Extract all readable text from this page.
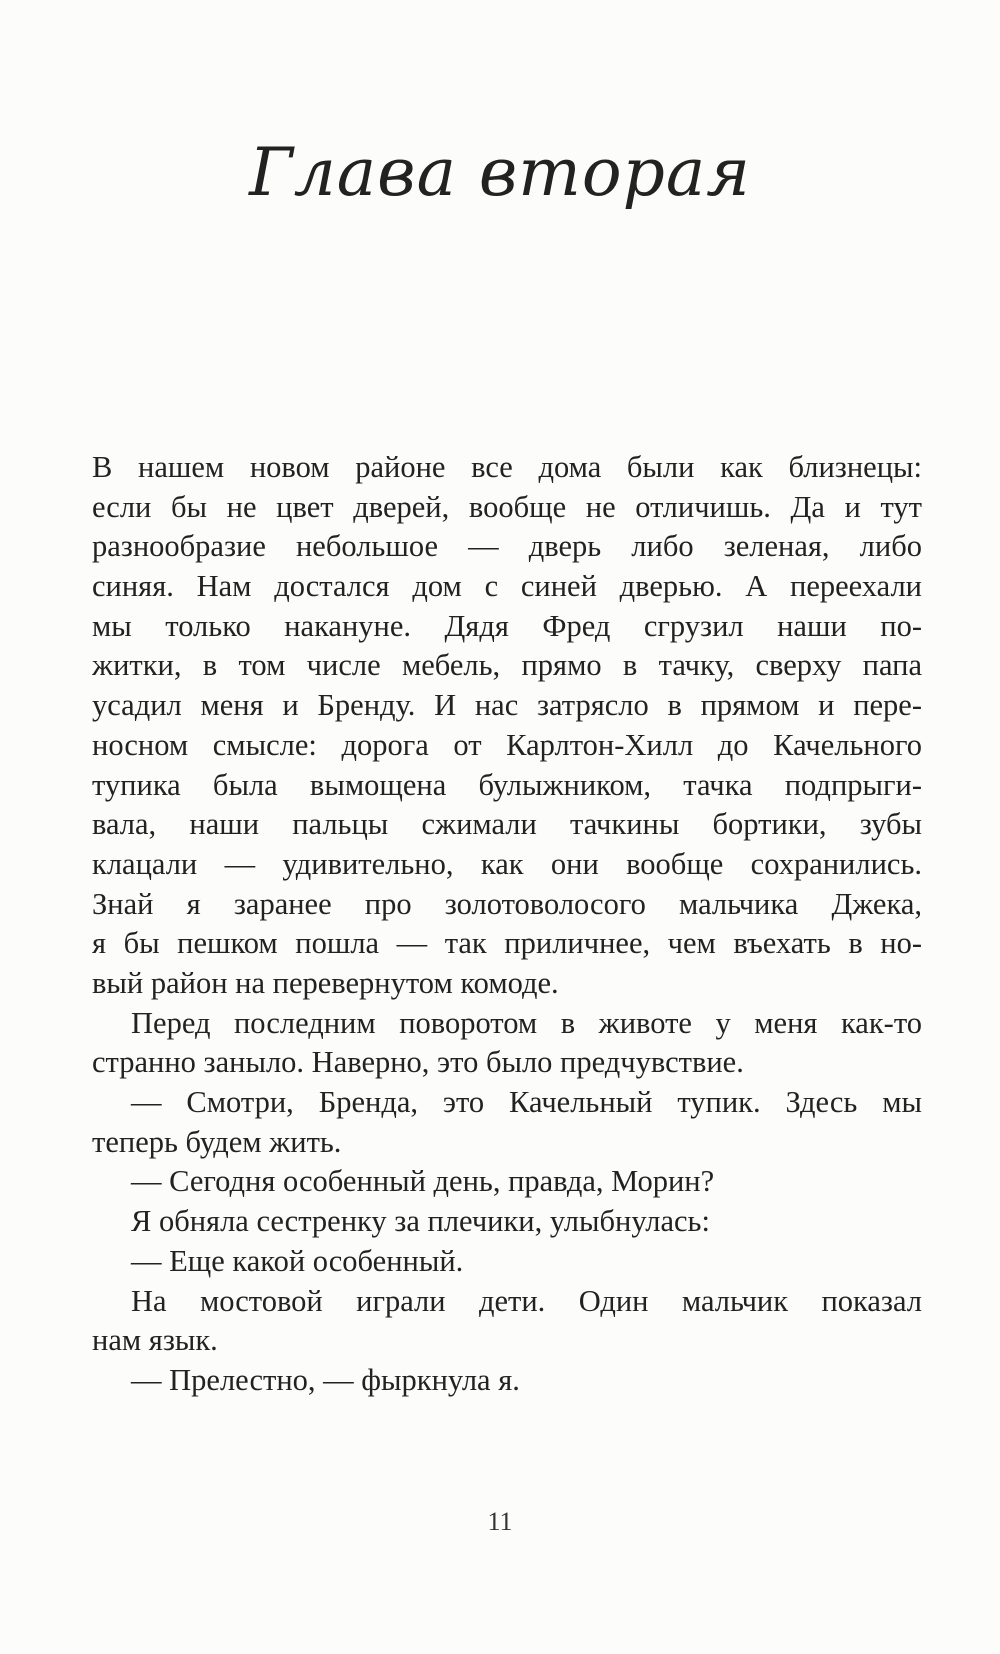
Глава вторая
В нашем новом районе все дома были как близнецы:
если бы не цвет дверей, вообще не отличишь. Да и тут
разнообразие небольшое — дверь либо зеленая, либо
синяя. Нам достался дом с синей дверью. А переехали
мы только накануне. Дядя Фред сгрузил наши по-
житки, в том числе мебель, прямо в тачку, сверху папа
усадил меня и Бренду. И нас затрясло в прямом и пере-
носном смысле: дорога от Карлтон-Хилл до Качельного
тупика была вымощена булыжником, тачка подпрыги-
вала, наши пальцы сжимали тачкины бортики, зубы
клацали — удивительно, как они вообще сохранились.
Знай я заранее про золотоволосого мальчика Джека,
я бы пешком пошла — так приличнее, чем въехать в но-
вый район на перевернутом комоде.
Перед последним поворотом в животе у меня как-то
странно заныло. Наверно, это было предчувствие.
— Смотри, Бренда, это Качельный тупик. Здесь мы
теперь будем жить.
— Сегодня особенный день, правда, Морин?
Я обняла сестренку за плечики, улыбнулась:
— Еще какой особенный.
На мостовой играли дети. Один мальчик показал
нам язык.
— Прелестно, — фыркнула я.
11
